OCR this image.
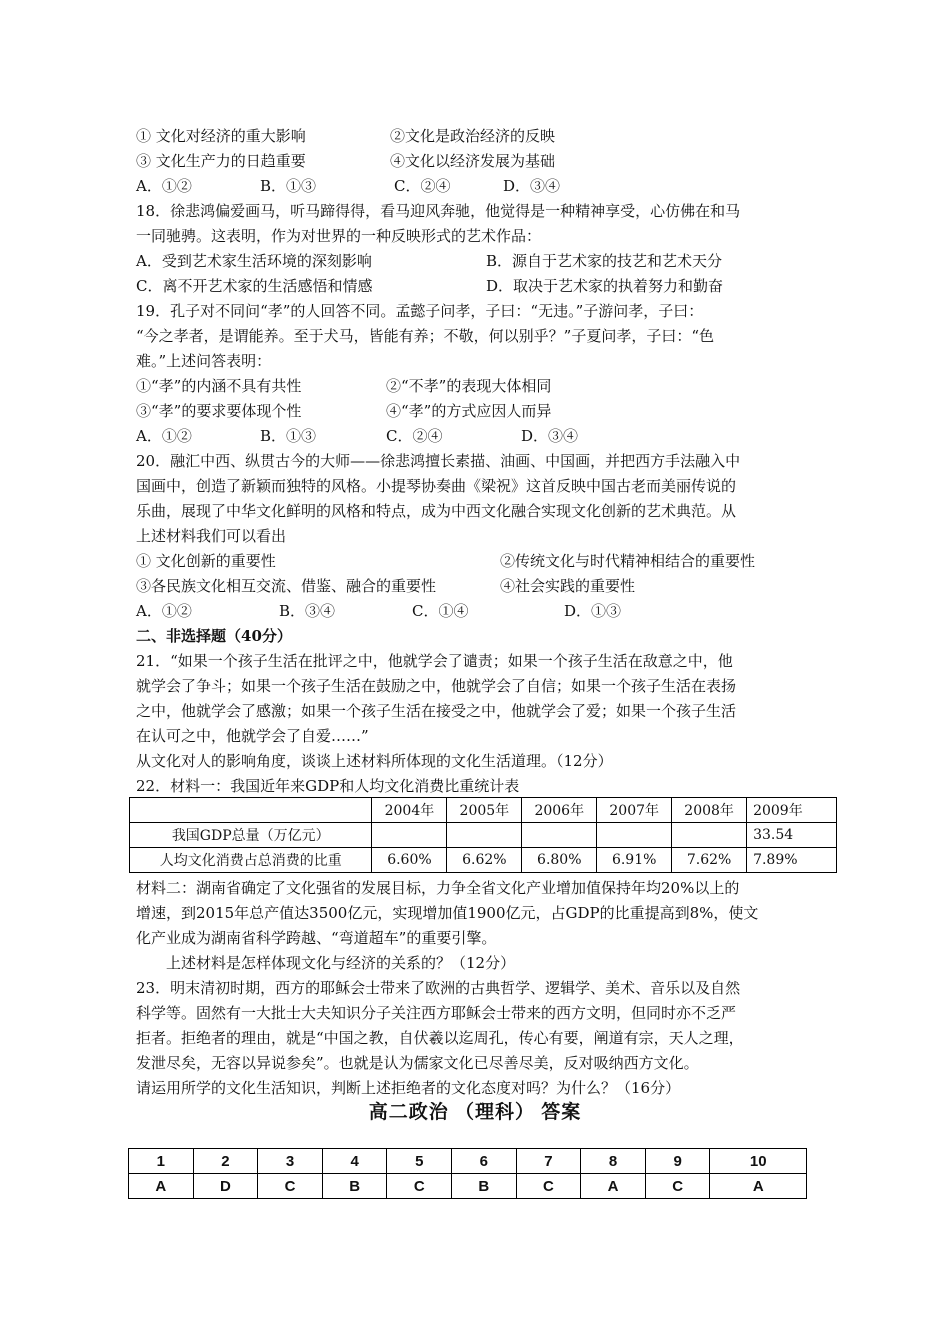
① 文化对经济的重大影响	②文化是政治经济的反映
③ 文化生产力的日趋重要	④文化以经济发展为基础
A．①②	B．①③	C．②④	D．③④
18．徐悲鸿偏爱画马，听马蹄得得，看马迎风奔驰，他觉得是一种精神享受，心仿佛在和马
一同驰骋。这表明，作为对世界的一种反映形式的艺术作品：
A．受到艺术家生活环境的深刻影响	B．源自于艺术家的技艺和艺术天分
C．离不开艺术家的生活感悟和情感	D．取决于艺术家的执着努力和勤奋
19．孔子对不同问“孝”的人回答不同。孟懿子问孝，子曰：“无违。”子游问孝，子曰：
“今之孝者，是谓能养。至于犬马，皆能有养；不敬，何以别乎？”子夏问孝，子曰：“色
难。”上述问答表明：
①“孝”的内涵不具有共性	②“不孝”的表现大体相同
③“孝”的要求要体现个性	④“孝”的方式应因人而异
A．①②	B．①③	C．②④	D．③④
20．融汇中西、纵贯古今的大师——徐悲鸿擅长素描、油画、中国画，并把西方手法融入中
国画中，创造了新颖而独特的风格。小提琴协奏曲《梁祝》这首反映中国古老而美丽传说的
乐曲，展现了中华文化鲜明的风格和特点，成为中西文化融合实现文化创新的艺术典范。从
上述材料我们可以看出
① 文化创新的重要性	②传统文化与时代精神相结合的重要性
③各民族文化相互交流、借鉴、融合的重要性	④社会实践的重要性
A．①②	B．③④	C．①④	D．①③
二、非选择题（40分）
21．“如果一个孩子生活在批评之中，他就学会了谴责；如果一个孩子生活在敌意之中，他
就学会了争斗；如果一个孩子生活在鼓励之中，他就学会了自信；如果一个孩子生活在表扬
之中，他就学会了感激；如果一个孩子生活在接受之中，他就学会了爱；如果一个孩子生活
在认可之中，他就学会了自爱……”
从文化对人的影响角度，谈谈上述材料所体现的文化生活道理。（12分）
22．材料一：我国近年来GDP和人均文化消费比重统计表
	2004年	2005年	2006年	2007年	2008年	2009年
我国GDP总量（万亿元）						33.54
人均文化消费占总消费的比重	6.60%	6.62%	6.80%	6.91%	7.62%	7.89%
材料二：湖南省确定了文化强省的发展目标，力争全省文化产业增加值保持年均20%以上的
增速，到2015年总产值达3500亿元，实现增加值1900亿元，占GDP的比重提高到8%，使文
化产业成为湖南省科学跨越、“弯道超车”的重要引擎。
上述材料是怎样体现文化与经济的关系的？（12分）
23．明末清初时期，西方的耶稣会士带来了欧洲的古典哲学、逻辑学、美术、音乐以及自然
科学等。固然有一大批士大夫知识分子关注西方耶稣会士带来的西方文明，但同时亦不乏严
拒者。拒绝者的理由，就是“中国之教，自伏羲以迄周孔，传心有要，阐道有宗，天人之理，
发泄尽矣，无容以异说参矣”。也就是认为儒家文化已尽善尽美，反对吸纳西方文化。
请运用所学的文化生活知识，判断上述拒绝者的文化态度对吗？为什么？（16分）
高二政治 （理科） 答案
1	2	3	4	5	6	7	8	9	10
A	D	C	B	C	B	C	A	C	A
